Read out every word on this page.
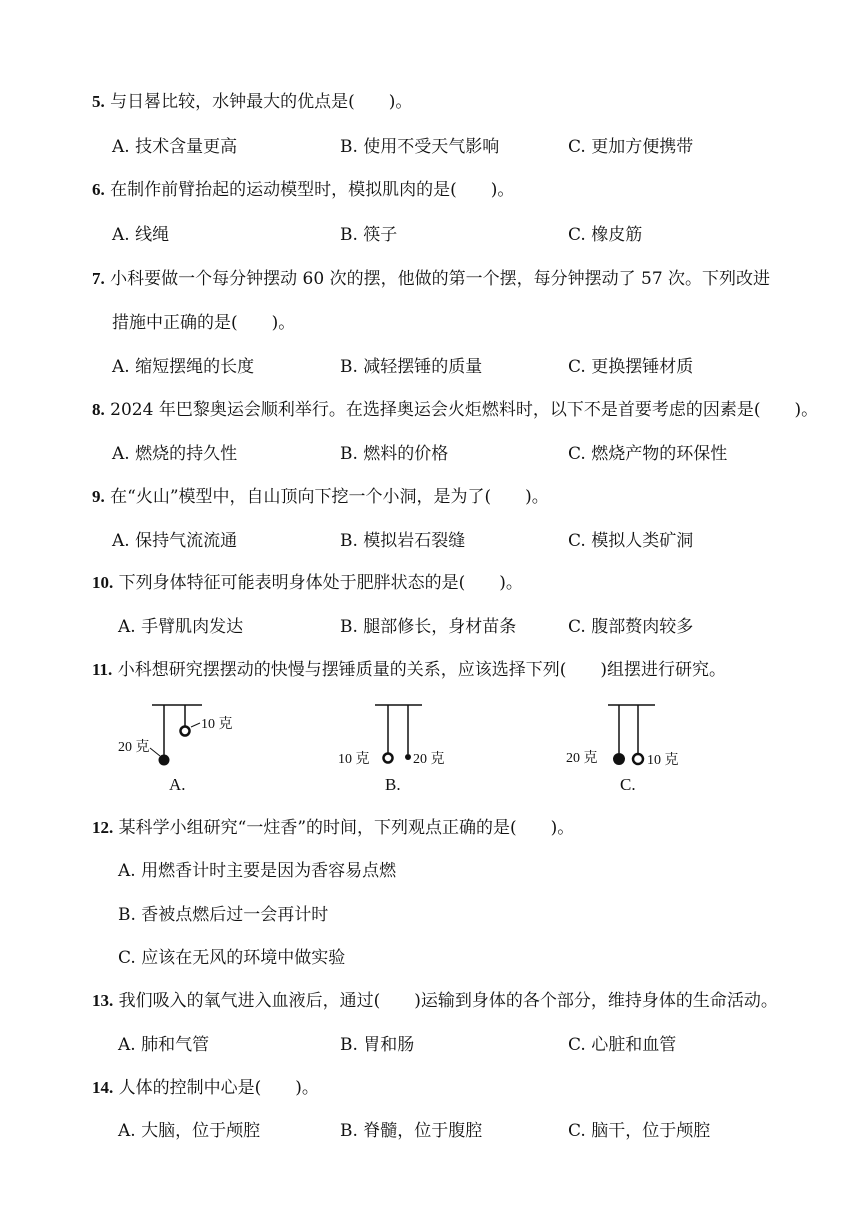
5. 与日晷比较，水钟最大的优点是(　　)。
A. 技术含量更高	B. 使用不受天气影响	C. 更加方便携带
6. 在制作前臂抬起的运动模型时，模拟肌肉的是(　　)。
A. 线绳	B. 筷子	C. 橡皮筋
7. 小科要做一个每分钟摆动 60 次的摆，他做的第一个摆，每分钟摆动了 57 次。下列改进
措施中正确的是(　　)。
A. 缩短摆绳的长度	B. 减轻摆锤的质量	C. 更换摆锤材质
8. 2024 年巴黎奥运会顺利举行。在选择奥运会火炬燃料时，以下不是首要考虑的因素是(　　)。
A. 燃烧的持久性	B. 燃料的价格	C. 燃烧产物的环保性
9. 在“火山”模型中，自山顶向下挖一个小洞，是为了(　　)。
A. 保持气流流通	B. 模拟岩石裂缝	C. 模拟人类矿洞
10. 下列身体特征可能表明身体处于肥胖状态的是(　　)。
A. 手臂肌肉发达	B. 腿部修长，身材苗条	C. 腹部赘肉较多
11. 小科想研究摆摆动的快慢与摆锤质量的关系，应该选择下列(　　)组摆进行研究。
10 克
20 克
A.
10 克	20 克
B.
20 克	10 克
C.
12. 某科学小组研究“一炷香”的时间，下列观点正确的是(　　)。
A. 用燃香计时主要是因为香容易点燃
B. 香被点燃后过一会再计时
C. 应该在无风的环境中做实验
13. 我们吸入的氧气进入血液后，通过(　　)运输到身体的各个部分，维持身体的生命活动。
A. 肺和气管	B. 胃和肠	C. 心脏和血管
14. 人体的控制中心是(　　)。
A. 大脑，位于颅腔	B. 脊髓，位于腹腔	C. 脑干，位于颅腔
